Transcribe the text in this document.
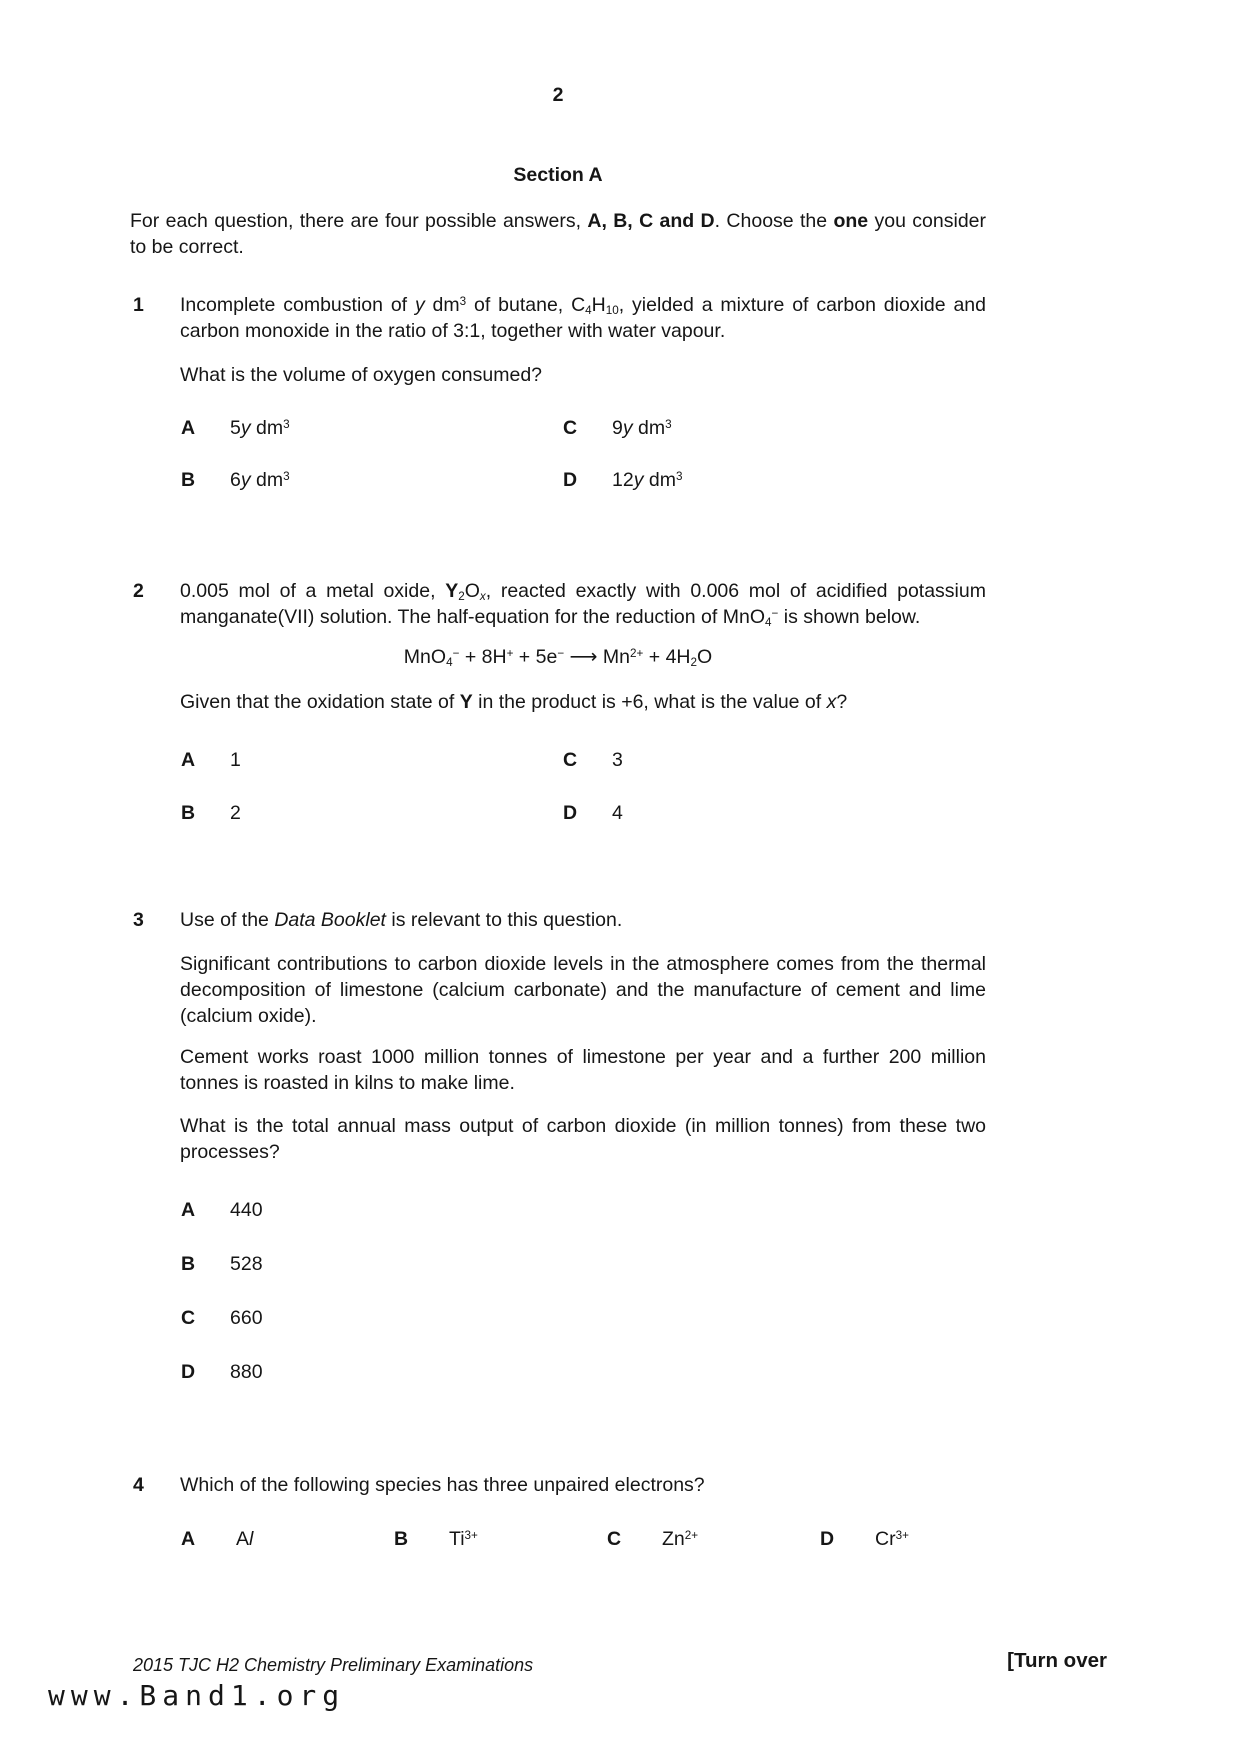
2
Section A
For each question, there are four possible answers, A, B, C and D. Choose the one you consider to be correct.
1 Incomplete combustion of y $dm^3$ of butane, $C_4H_{10}$, yielded a mixture of carbon dioxide and carbon monoxide in the ratio of 3:1, together with water vapour.
What is the volume of oxygen consumed?
A 5y $dm^3$	C 9y $dm^3$
B 6y $dm^3$	D 12y $dm^3$
2 0.005 mol of a metal oxide, $Y_2O_x$, reacted exactly with 0.006 mol of acidified potassium manganate(VII) solution. The half-equation for the reduction of MnO$_4$− is shown below.
MnO$_4$− + 8H+ + 5e− ⟶ $Mn^{2+} + 4H_2O$
Given that the oxidation state of Y in the product is +6, what is the value of x?
A 1	C 3
B 2	D 4
3 Use of the Data Booklet is relevant to this question.
Significant contributions to carbon dioxide levels in the atmosphere comes from the thermal decomposition of limestone (calcium carbonate) and the manufacture of cement and lime (calcium oxide).
Cement works roast 1000 million tonnes of limestone per year and a further 200 million tonnes is roasted in kilns to make lime.
What is the total annual mass output of carbon dioxide (in million tonnes) from these two processes?
A 440
B 528
C 660
D 880
4 Which of the following species has three unpaired electrons?
A Al	B $Ti^{3+}$	C $Zn^{2+}$	D $Cr^{3+}$
2015 TJC H2 Chemistry Preliminary Examinations	[Turn over
www.Band1.org
